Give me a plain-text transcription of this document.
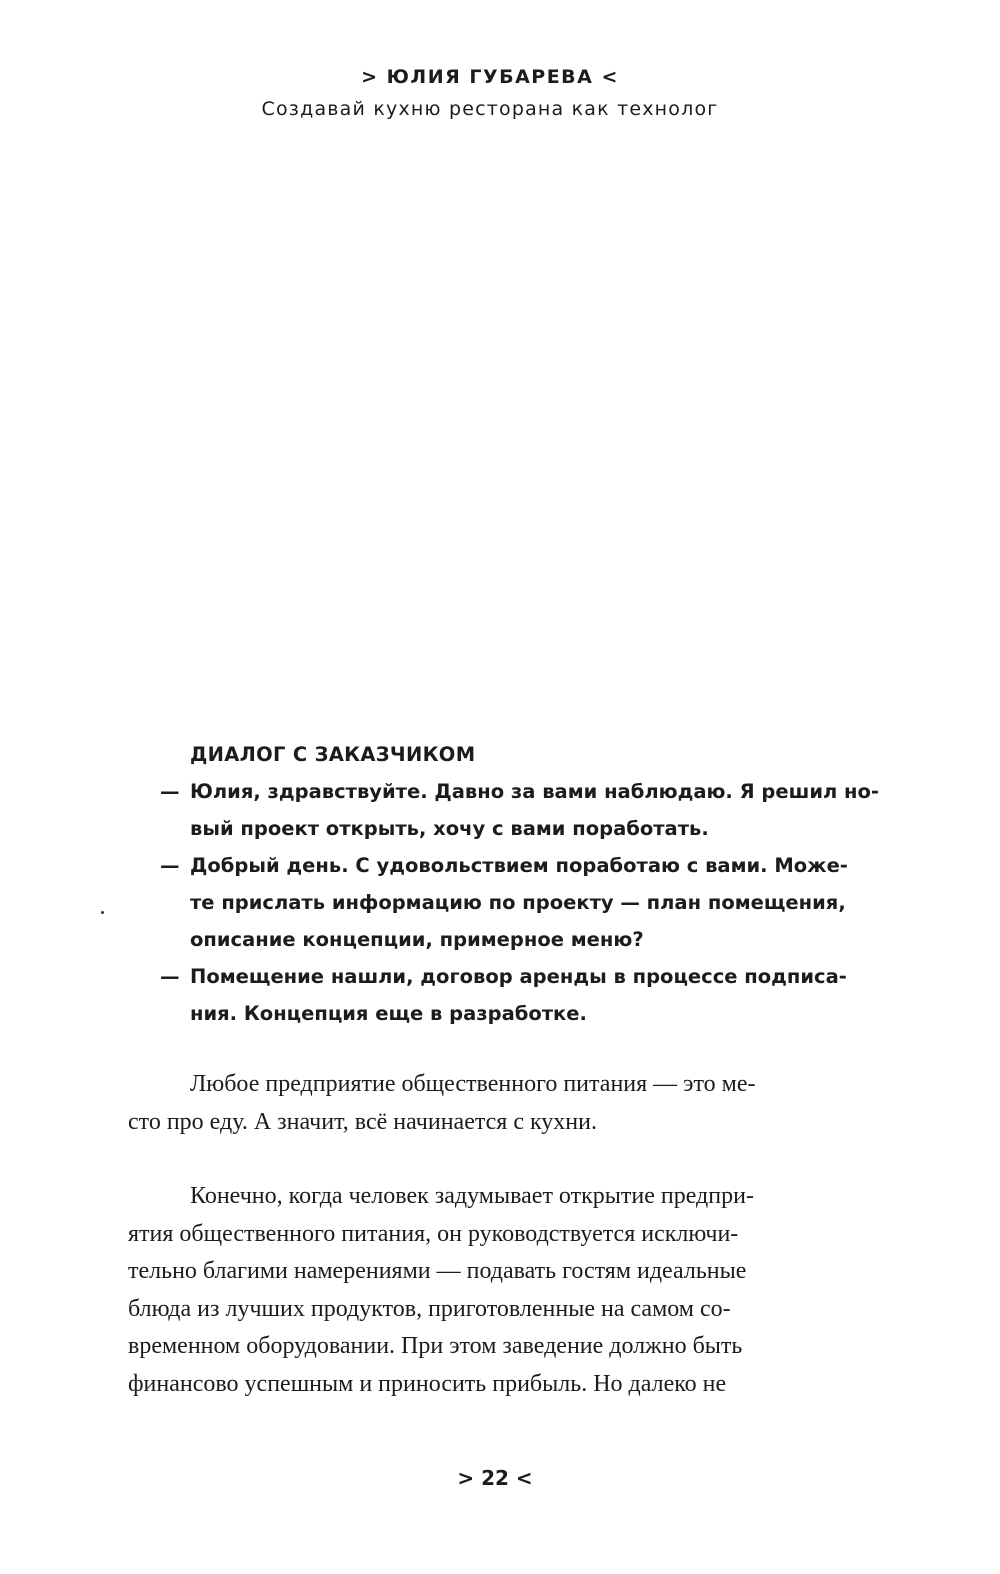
> ЮЛИЯ ГУБАРЕВА <
Создавай кухню ресторана как технолог
ДИАЛОГ С ЗАКАЗЧИКОМ
— Юлия, здравствуйте. Давно за вами наблюдаю. Я решил но-
вый проект открыть, хочу с вами поработать.
— Добрый день. С удовольствием поработаю с вами. Може-
те прислать информацию по проекту — план помещения,
описание концепции, примерное меню?
— Помещение нашли, договор аренды в процессе подписа-
ния. Концепция еще в разработке.
Любое предприятие общественного питания — это ме-
сто про еду. А значит, всё начинается с кухни.
Конечно, когда человек задумывает открытие предпри-
ятия общественного питания, он руководствуется исключи-
тельно благими намерениями — подавать гостям идеальные
блюда из лучших продуктов, приготовленные на самом со-
временном оборудовании. При этом заведение должно быть
финансово успешным и приносить прибыль. Но далеко не
> 22 <
